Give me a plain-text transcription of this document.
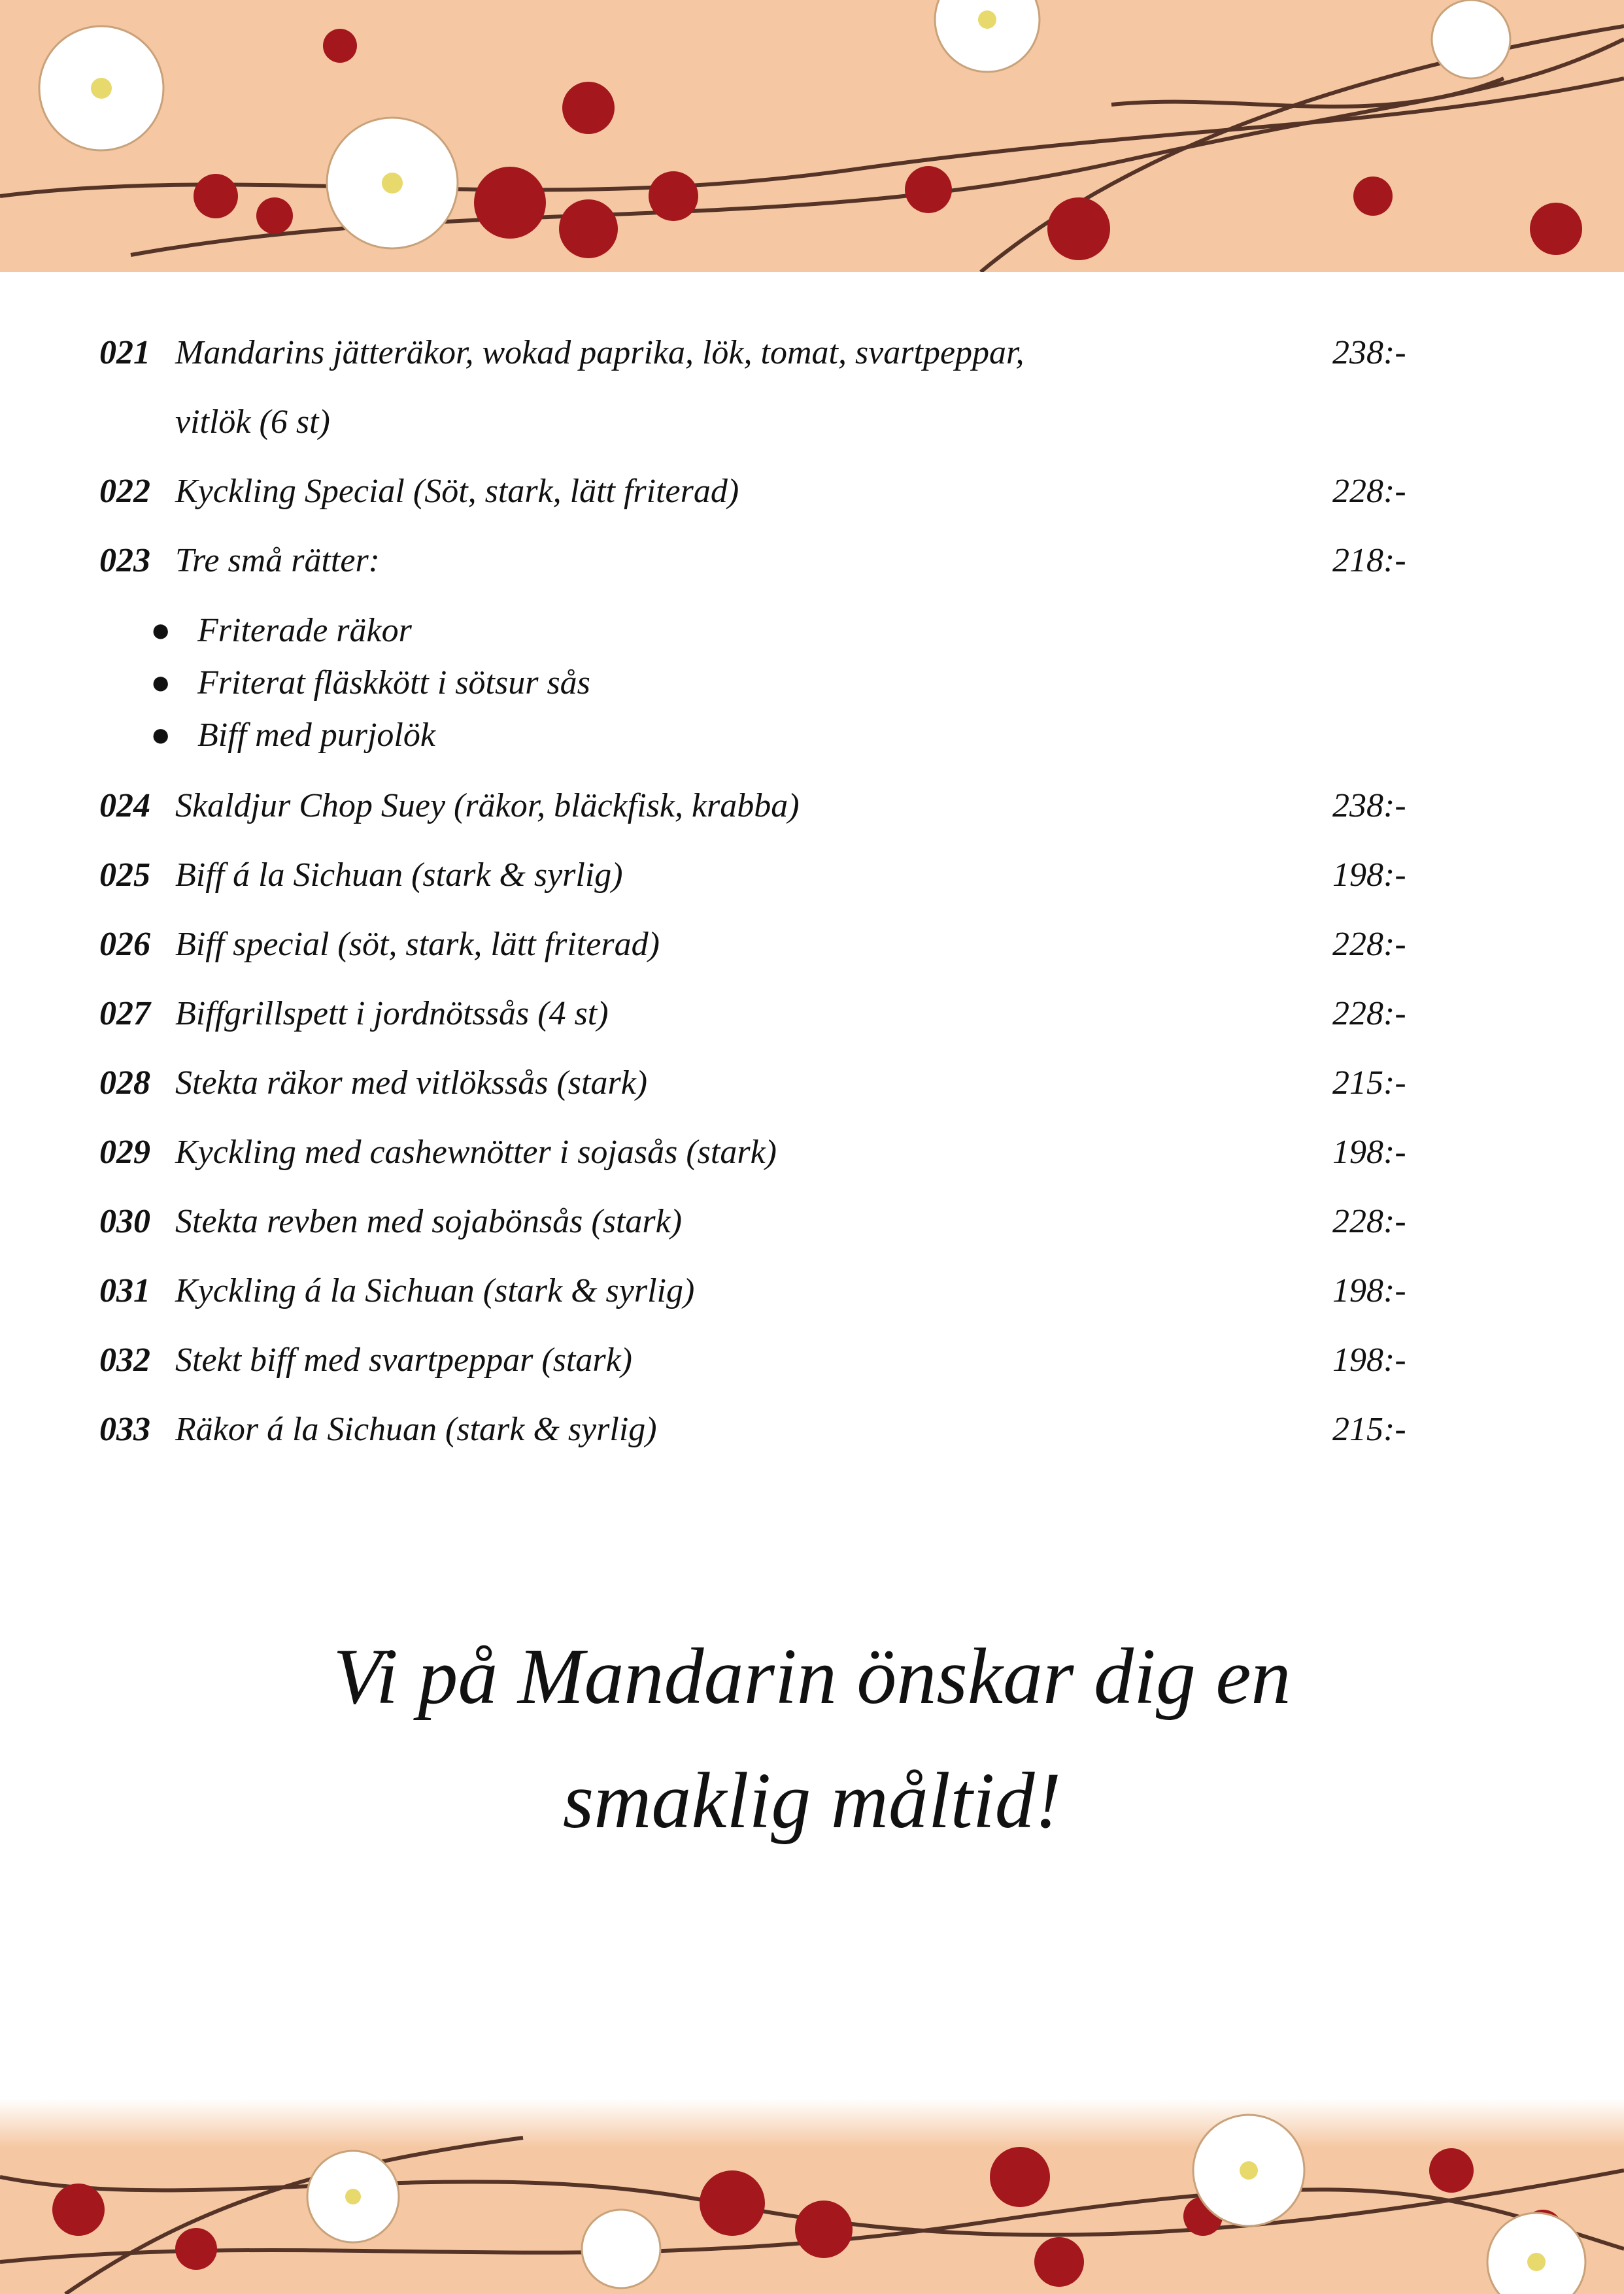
021 Mandarins jätteräkor, wokad paprika, lök, tomat, svartpeppar,	238:-
vitlök (6 st)
022 Kyckling Special (Söt, stark, lätt friterad)	228:-
023 Tre små rätter:	218:-
● Friterade räkor
● Friterat fläskkött i sötsur sås
● Biff med purjolök
024 Skaldjur Chop Suey (räkor, bläckfisk, krabba)	238:-
025 Biff á la Sichuan (stark & syrlig)	198:-
026 Biff special (söt, stark, lätt friterad)	228:-
027 Biffgrillspett i jordnötssås (4 st)	228:-
028 Stekta räkor med vitlökssås (stark)	215:-
029 Kyckling med cashewnötter i sojasås (stark)	198:-
030 Stekta revben med sojabönsås (stark)	228:-
031 Kyckling á la Sichuan (stark & syrlig)	198:-
032 Stekt biff med svartpeppar (stark)	198:-
033 Räkor á la Sichuan (stark & syrlig)	215:-
Vi på Mandarin önskar dig en
smaklig måltid!
